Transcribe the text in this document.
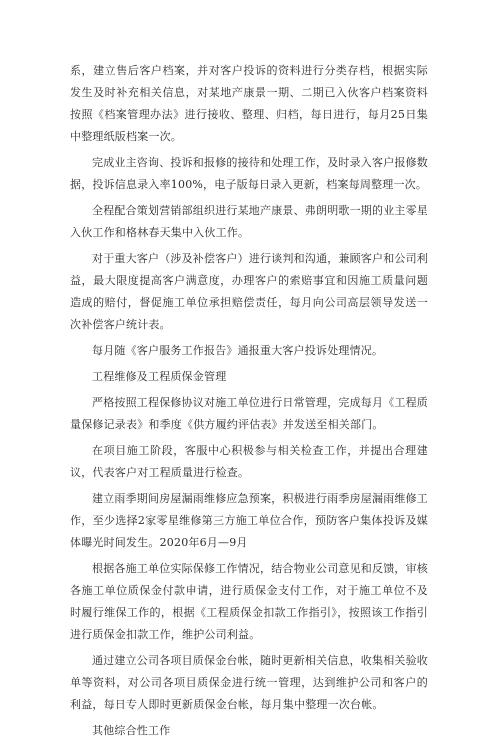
系，建立售后客户档案，并对客户投诉的资料进行分类存档，根据实际发生及时补充相关信息，对某地产康景一期、二期已入伙客户档案资料按照《档案管理办法》进行接收、整理、归档，每日进行，每月25日集中整理纸版档案一次。

完成业主咨询、投诉和报修的接待和处理工作，及时录入客户报修数据，投诉信息录入率100%，电子版每日录入更新，档案每周整理一次。

全程配合策划营销部组织进行某地产康景、弗朗明歌一期的业主零星入伙工作和格林春天集中入伙工作。

对于重大客户（涉及补偿客户）进行谈判和沟通，兼顾客户和公司利益，最大限度提高客户满意度，办理客户的索赔事宜和因施工质量问题造成的赔付，督促施工单位承担赔偿责任，每月向公司高层领导发送一次补偿客户统计表。

每月随《客户服务工作报告》通报重大客户投诉处理情况。

工程维修及工程质保金管理

严格按照工程保修协议对施工单位进行日常管理，完成每月《工程质量保修记录表》和季度《供方履约评估表》并发送至相关部门。

在项目施工阶段，客服中心积极参与相关检查工作，并提出合理建议，代表客户对工程质量进行检查。

建立雨季期间房屋漏雨维修应急预案，积极进行雨季房屋漏雨维修工作，至少选择2家零星维修第三方施工单位合作，预防客户集体投诉及媒体曝光时间发生。2020年6月—9月

根据各施工单位实际保修工作情况，结合物业公司意见和反馈，审核各施工单位质保金付款申请，进行质保金支付工作，对于施工单位不及时履行维保工作的，根据《工程质保金扣款工作指引》，按照该工作指引进行质保金扣款工作，维护公司利益。

通过建立公司各项目质保金台帐，随时更新相关信息，收集相关验收单等资料，对公司各项目质保金进行统一管理，达到维护公司和客户的利益，每日专人即时更新质保金台帐，每月集中整理一次台帐。

其他综合性工作
